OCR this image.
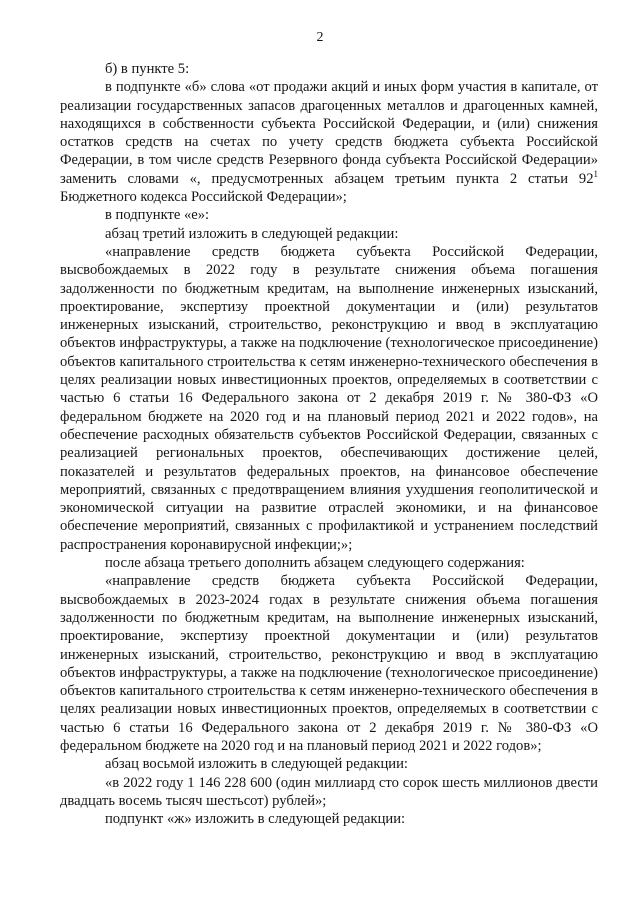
2

б) в пункте 5:

в подпункте «б» слова «от продажи акций и иных форм участия в капитале, от реализации государственных запасов драгоценных металлов и драгоценных камней, находящихся в собственности субъекта Российской Федерации, и (или) снижения остатков средств на счетах по учету средств бюджета субъекта Российской Федерации, в том числе средств Резервного фонда субъекта Российской Федерации» заменить словами «, предусмотренных абзацем третьим пункта 2 статьи $92^1$ Бюджетного кодекса Российской Федерации»;

в подпункте «е»:

абзац третий изложить в следующей редакции:

«направление средств бюджета субъекта Российской Федерации, высвобождаемых в 2022 году в результате снижения объема погашения задолженности по бюджетным кредитам, на выполнение инженерных изысканий, проектирование, экспертизу проектной документации и (или) результатов инженерных изысканий, строительство, реконструкцию и ввод в эксплуатацию объектов инфраструктуры, а также на подключение (технологическое присоединение) объектов капитального строительства к сетям инженерно-технического обеспечения в целях реализации новых инвестиционных проектов, определяемых в соответствии с частью 6 статьи 16 Федерального закона от 2 декабря 2019 г. № 380-ФЗ «О федеральном бюджете на 2020 год и на плановый период 2021 и 2022 годов», на обеспечение расходных обязательств субъектов Российской Федерации, связанных с реализацией региональных проектов, обеспечивающих достижение целей, показателей и результатов федеральных проектов, на финансовое обеспечение мероприятий, связанных с предотвращением влияния ухудшения геополитической и экономической ситуации на развитие отраслей экономики, и на финансовое обеспечение мероприятий, связанных с профилактикой и устранением последствий распространения коронавирусной инфекции;»;

после абзаца третьего дополнить абзацем следующего содержания:

«направление средств бюджета субъекта Российской Федерации, высвобождаемых в 2023-2024 годах в результате снижения объема погашения задолженности по бюджетным кредитам, на выполнение инженерных изысканий, проектирование, экспертизу проектной документации и (или) результатов инженерных изысканий, строительство, реконструкцию и ввод в эксплуатацию объектов инфраструктуры, а также на подключение (технологическое присоединение) объектов капитального строительства к сетям инженерно-технического обеспечения в целях реализации новых инвестиционных проектов, определяемых в соответствии с частью 6 статьи 16 Федерального закона от 2 декабря 2019 г. № 380-ФЗ «О федеральном бюджете на 2020 год и на плановый период 2021 и 2022 годов»;

абзац восьмой изложить в следующей редакции:

«в 2022 году 1 146 228 600 (один миллиард сто сорок шесть миллионов двести двадцать восемь тысяч шестьсот) рублей»;

подпункт «ж» изложить в следующей редакции:
